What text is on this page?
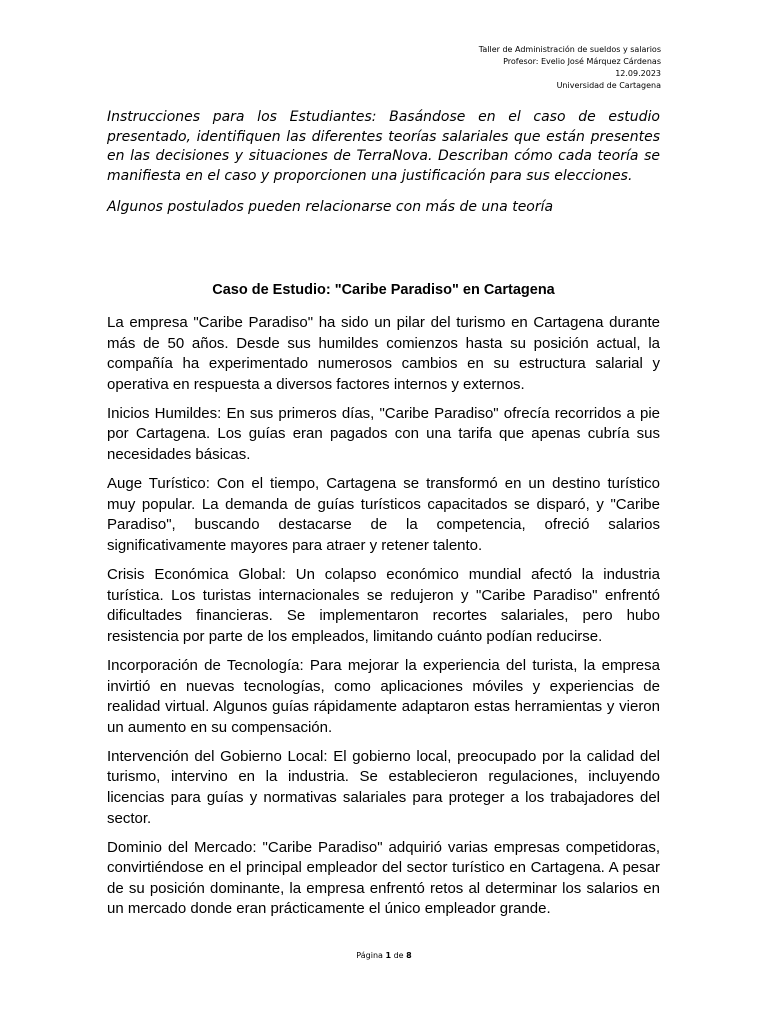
Taller de Administración de sueldos y salarios
Profesor: Evelio José Márquez Cárdenas
12.09.2023
Universidad de Cartagena

Instrucciones para los Estudiantes: Basándose en el caso de estudio presentado, identifiquen las diferentes teorías salariales que están presentes en las decisiones y situaciones de TerraNova. Describan cómo cada teoría se manifiesta en el caso y proporcionen una justificación para sus elecciones.

Algunos postulados pueden relacionarse con más de una teoría

Caso de Estudio: "Caribe Paradiso" en Cartagena

La empresa "Caribe Paradiso" ha sido un pilar del turismo en Cartagena durante más de 50 años. Desde sus humildes comienzos hasta su posición actual, la compañía ha experimentado numerosos cambios en su estructura salarial y operativa en respuesta a diversos factores internos y externos.

Inicios Humildes: En sus primeros días, "Caribe Paradiso" ofrecía recorridos a pie por Cartagena. Los guías eran pagados con una tarifa que apenas cubría sus necesidades básicas.

Auge Turístico: Con el tiempo, Cartagena se transformó en un destino turístico muy popular. La demanda de guías turísticos capacitados se disparó, y "Caribe Paradiso", buscando destacarse de la competencia, ofreció salarios significativamente mayores para atraer y retener talento.

Crisis Económica Global: Un colapso económico mundial afectó la industria turística. Los turistas internacionales se redujeron y "Caribe Paradiso" enfrentó dificultades financieras. Se implementaron recortes salariales, pero hubo resistencia por parte de los empleados, limitando cuánto podían reducirse.

Incorporación de Tecnología: Para mejorar la experiencia del turista, la empresa invirtió en nuevas tecnologías, como aplicaciones móviles y experiencias de realidad virtual. Algunos guías rápidamente adaptaron estas herramientas y vieron un aumento en su compensación.

Intervención del Gobierno Local: El gobierno local, preocupado por la calidad del turismo, intervino en la industria. Se establecieron regulaciones, incluyendo licencias para guías y normativas salariales para proteger a los trabajadores del sector.

Dominio del Mercado: "Caribe Paradiso" adquirió varias empresas competidoras, convirtiéndose en el principal empleador del sector turístico en Cartagena. A pesar de su posición dominante, la empresa enfrentó retos al determinar los salarios en un mercado donde eran prácticamente el único empleador grande.

Página 1 de 8
